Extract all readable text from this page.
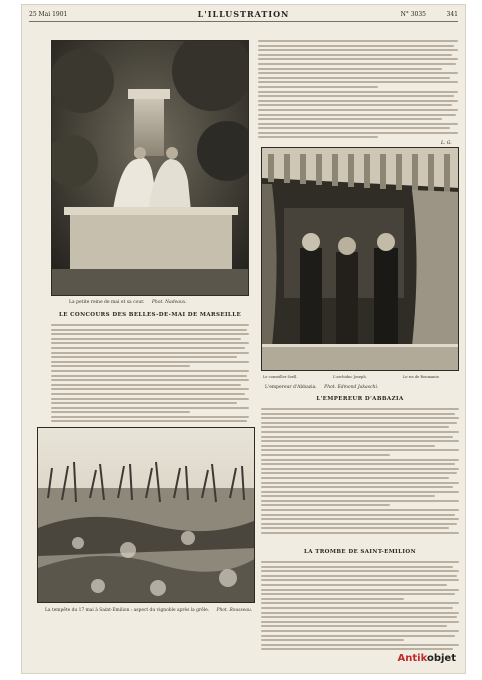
25 Mai 1901	L'ILLUSTRATION	N° 3035	341
La petite reine de mai et sa cour. Phot. Nadeaux.
L. G.
Le conseiller Szell.	L'archiduc Joseph.	Le roi de Roumanie.
L'empereur d'Abbazia. Phot. Edmond Jakaschi.
LE CONCOURS DES BELLES-DE-MAI DE MARSEILLE
L'EMPEREUR D'ABBAZIA
LA TROMBE DE SAINT-EMILION
La tempête du 17 mai à Saint-Emilion : aspect du vignoble après la grêle. Phot. Rousseau.
Antikobjet
